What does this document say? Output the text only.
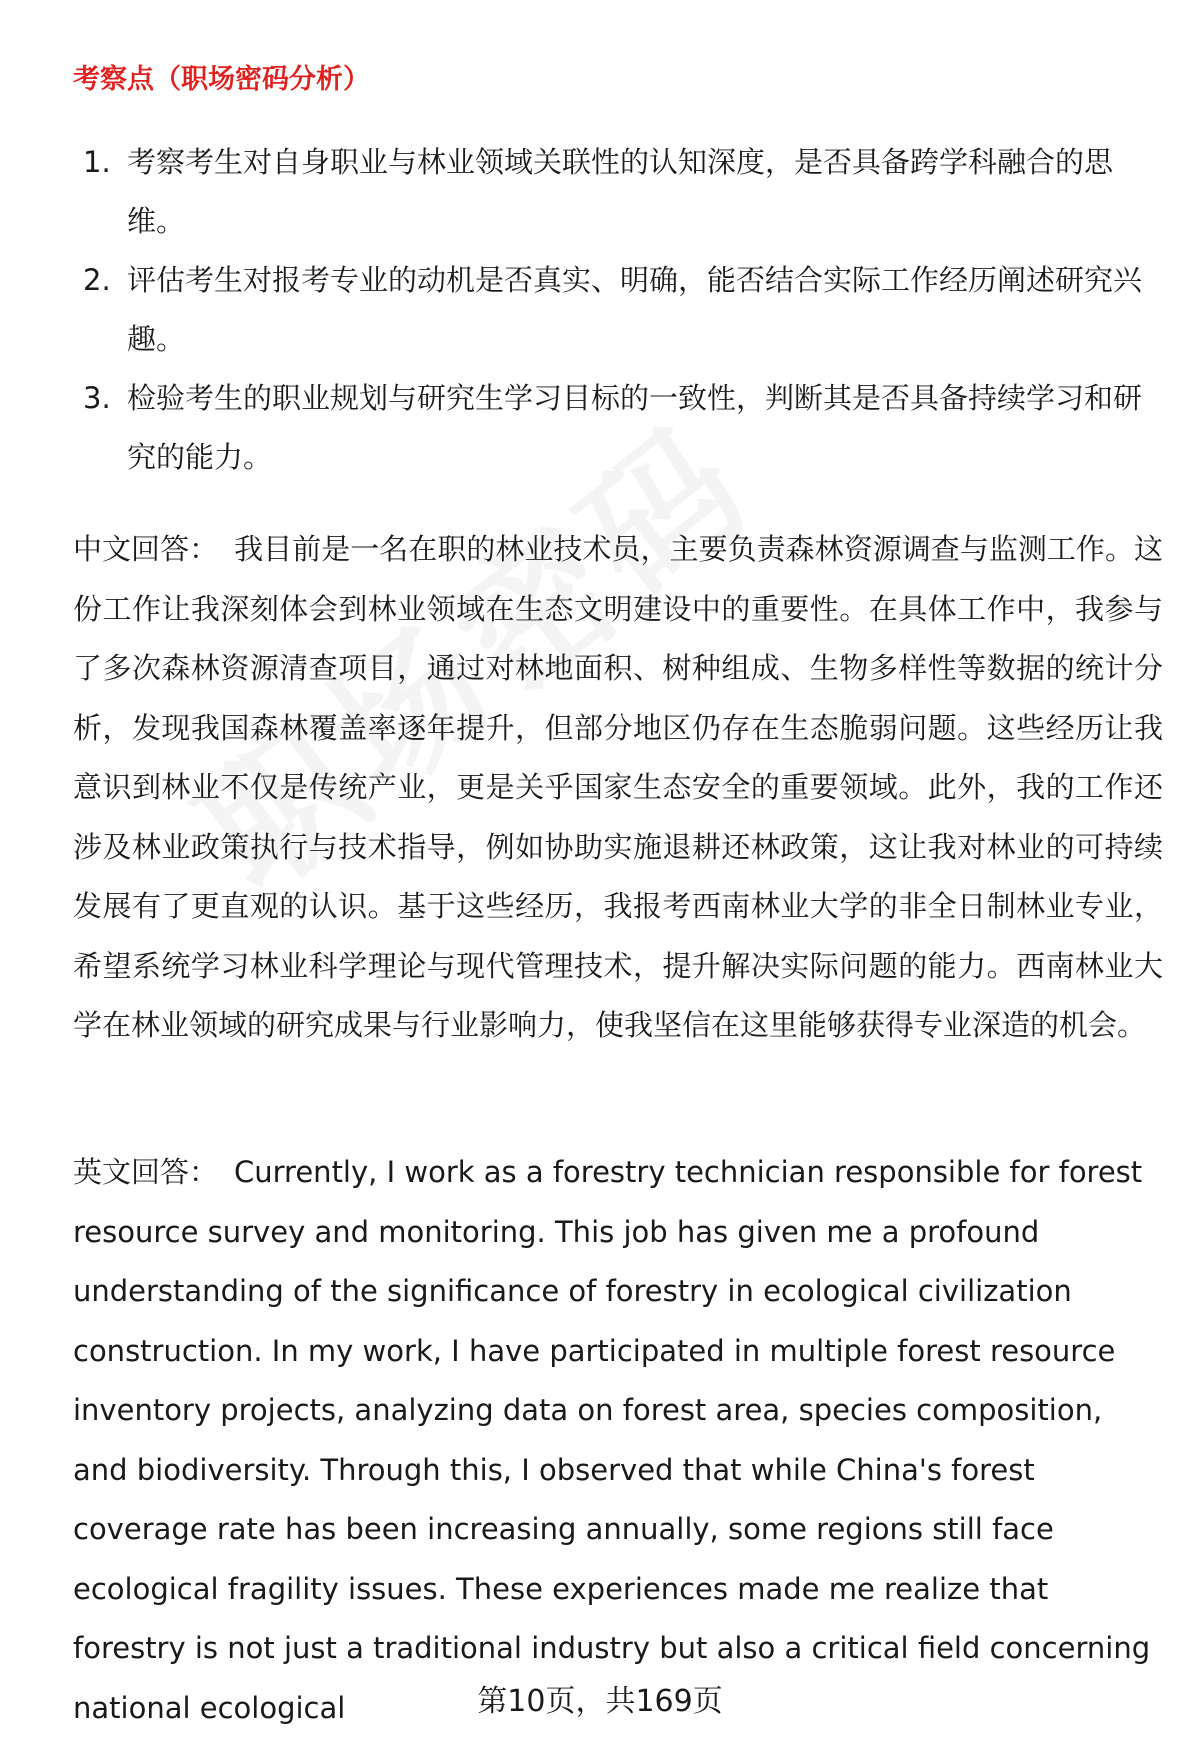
考察点（职场密码分析）
1. 考察考生对自身职业与林业领域关联性的认知深度，是否具备跨学科融合的思维。
2. 评估考生对报考专业的动机是否真实、明确，能否结合实际工作经历阐述研究兴趣。
3. 检验考生的职业规划与研究生学习目标的一致性，判断其是否具备持续学习和研究的能力。

中文回答： 我目前是一名在职的林业技术员，主要负责森林资源调查与监测工作。这份工作让我深刻体会到林业领域在生态文明建设中的重要性。在具体工作中，我参与了多次森林资源清查项目，通过对林地面积、树种组成、生物多样性等数据的统计分析，发现我国森林覆盖率逐年提升，但部分地区仍存在生态脆弱问题。这些经历让我意识到林业不仅是传统产业，更是关乎国家生态安全的重要领域。此外，我的工作还涉及林业政策执行与技术指导，例如协助实施退耕还林政策，这让我对林业的可持续发展有了更直观的认识。基于这些经历，我报考西南林业大学的非全日制林业专业，希望系统学习林业科学理论与现代管理技术，提升解决实际问题的能力。西南林业大学在林业领域的研究成果与行业影响力，使我坚信在这里能够获得专业深造的机会。

英文回答： Currently, I work as a forestry technician responsible for forest resource survey and monitoring. This job has given me a profound understanding of the significance of forestry in ecological civilization construction. In my work, I have participated in multiple forest resource inventory projects, analyzing data on forest area, species composition, and biodiversity. Through this, I observed that while China's forest coverage rate has been increasing annually, some regions still face ecological fragility issues. These experiences made me realize that forestry is not just a traditional industry but also a critical field concerning national ecological	第10页，共169页
